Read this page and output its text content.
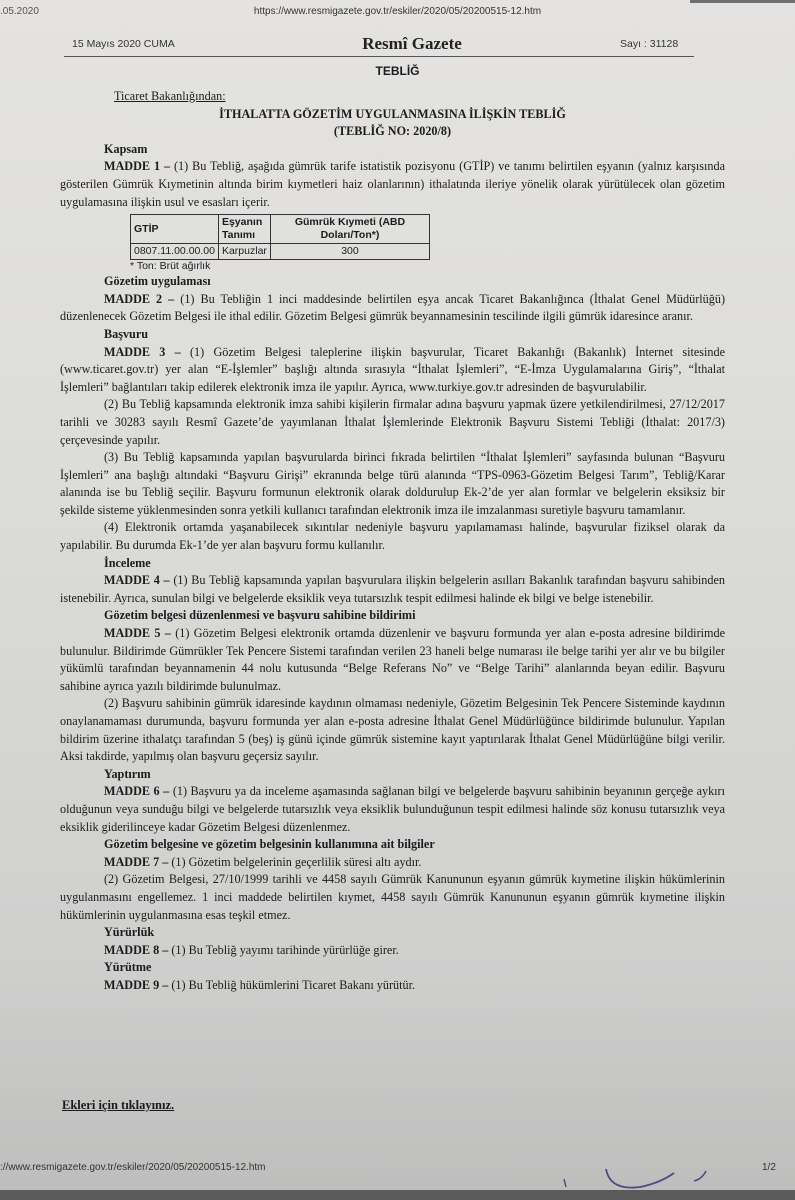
.05.2020	https://www.resmigazete.gov.tr/eskiler/2020/05/20200515-12.htm
15 Mayıs 2020 CUMA	Resmî Gazete	Sayı : 31128
TEBLİĞ
Ticaret Bakanlığından:
İTHALATTA GÖZETİM UYGULANMASINA İLİŞKİN TEBLİĞ
(TEBLİĞ NO: 2020/8)
Kapsam

MADDE 1 – (1) Bu Tebliğ, aşağıda gümrük tarife istatistik pozisyonu (GTİP) ve tanımı belirtilen eşyanın (yalnız karşısında gösterilen Gümrük Kıymetinin altında birim kıymetleri haiz olanlarının) ithalatında ileriye yönelik olarak yürütülecek olan gözetim uygulamasına ilişkin usul ve esasları içerir.

GTİP	Eşyanın Tanımı	Gümrük Kıymeti (ABD Doları/Ton*)
0807.11.00.00.00	Karpuzlar	300
* Ton: Brüt ağırlık
Gözetim uygulaması

MADDE 2 – (1) Bu Tebliğin 1 inci maddesinde belirtilen eşya ancak Ticaret Bakanlığınca (İthalat Genel Müdürlüğü) düzenlenecek Gözetim Belgesi ile ithal edilir. Gözetim Belgesi gümrük beyannamesinin tescilinde ilgili gümrük idaresince aranır.

Başvuru

MADDE 3 – (1) Gözetim Belgesi taleplerine ilişkin başvurular, Ticaret Bakanlığı (Bakanlık) İnternet sitesinde (www.ticaret.gov.tr) yer alan “E-İşlemler” başlığı altında sırasıyla “İthalat İşlemleri”, “E-İmza Uygulamalarına Giriş”, “İthalat İşlemleri” bağlantıları takip edilerek elektronik imza ile yapılır. Ayrıca, www.turkiye.gov.tr adresinden de başvurulabilir.

(2) Bu Tebliğ kapsamında elektronik imza sahibi kişilerin firmalar adına başvuru yapmak üzere yetkilendirilmesi, 27/12/2017 tarihli ve 30283 sayılı Resmî Gazete’de yayımlanan İthalat İşlemlerinde Elektronik Başvuru Sistemi Tebliği (İthalat: 2017/3) çerçevesinde yapılır.

(3) Bu Tebliğ kapsamında yapılan başvurularda birinci fıkrada belirtilen “İthalat İşlemleri” sayfasında bulunan “Başvuru İşlemleri” ana başlığı altındaki “Başvuru Girişi” ekranında belge türü alanında “TPS-0963-Gözetim Belgesi Tarım”, Tebliğ/Karar alanında ise bu Tebliğ seçilir. Başvuru formunun elektronik olarak doldurulup Ek-2’de yer alan formlar ve belgelerin eksiksiz bir şekilde sisteme yüklenmesinden sonra yetkili kullanıcı tarafından elektronik imza ile imzalanması suretiyle başvuru tamamlanır.

(4) Elektronik ortamda yaşanabilecek sıkıntılar nedeniyle başvuru yapılamaması halinde, başvurular fiziksel olarak da yapılabilir. Bu durumda Ek-1’de yer alan başvuru formu kullanılır.

İnceleme

MADDE 4 – (1) Bu Tebliğ kapsamında yapılan başvurulara ilişkin belgelerin asılları Bakanlık tarafından başvuru sahibinden istenebilir. Ayrıca, sunulan bilgi ve belgelerde eksiklik veya tutarsızlık tespit edilmesi halinde ek bilgi ve belge istenebilir.

Gözetim belgesi düzenlenmesi ve başvuru sahibine bildirimi

MADDE 5 – (1) Gözetim Belgesi elektronik ortamda düzenlenir ve başvuru formunda yer alan e-posta adresine bildirimde bulunulur. Bildirimde Gümrükler Tek Pencere Sistemi tarafından verilen 23 haneli belge numarası ile belge tarihi yer alır ve bu bilgiler yükümlü tarafından beyannamenin 44 nolu kutusunda “Belge Referans No” ve “Belge Tarihi” alanlarında beyan edilir. Başvuru sahibine ayrıca yazılı bildirimde bulunulmaz.

(2) Başvuru sahibinin gümrük idaresinde kaydının olmaması nedeniyle, Gözetim Belgesinin Tek Pencere Sisteminde kaydının onaylanamaması durumunda, başvuru formunda yer alan e-posta adresine İthalat Genel Müdürlüğünce bildirimde bulunulur. Yapılan bildirim üzerine ithalatçı tarafından 5 (beş) iş günü içinde gümrük sistemine kayıt yaptırılarak İthalat Genel Müdürlüğüne bilgi verilir. Aksi takdirde, yapılmış olan başvuru geçersiz sayılır.

Yaptırım

MADDE 6 – (1) Başvuru ya da inceleme aşamasında sağlanan bilgi ve belgelerde başvuru sahibinin beyanının gerçeğe aykırı olduğunun veya sunduğu bilgi ve belgelerde tutarsızlık veya eksiklik bulunduğunun tespit edilmesi halinde söz konusu tutarsızlık veya eksiklik giderilinceye kadar Gözetim Belgesi düzenlenmez.

Gözetim belgesine ve gözetim belgesinin kullanımına ait bilgiler

MADDE 7 – (1) Gözetim belgelerinin geçerlilik süresi altı aydır.

(2) Gözetim Belgesi, 27/10/1999 tarihli ve 4458 sayılı Gümrük Kanununun eşyanın gümrük kıymetine ilişkin hükümlerinin uygulanmasını engellemez. 1 inci maddede belirtilen kıymet, 4458 sayılı Gümrük Kanununun eşyanın gümrük kıymetine ilişkin hükümlerinin uygulanmasına esas teşkil etmez.

Yürürlük

MADDE 8 – (1) Bu Tebliğ yayımı tarihinde yürürlüğe girer.

Yürütme

MADDE 9 – (1) Bu Tebliğ hükümlerini Ticaret Bakanı yürütür.

Ekleri için tıklayınız.
://www.resmigazete.gov.tr/eskiler/2020/05/20200515-12.htm	1/2
